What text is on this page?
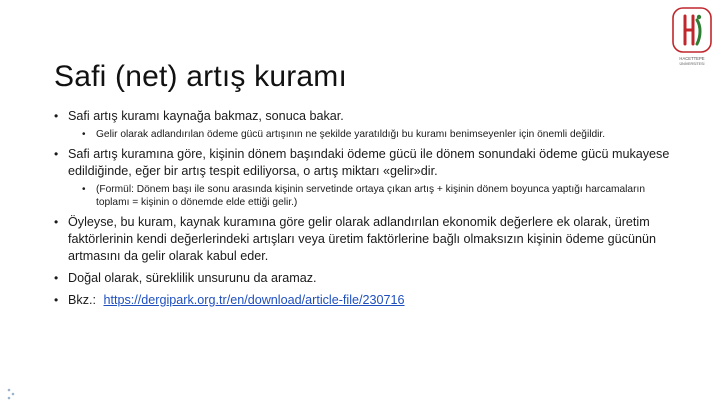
Safi (net) artış kuramı
HACETTEPE
ÜNİVERSİTESİ
• Safi artış kuramı kaynağa bakmaz, sonuca bakar.
• Gelir olarak adlandırılan ödeme gücü artışının ne şekilde yaratıldığı bu kuramı benimseyenler için önemli değildir.
• Safi artış kuramına göre, kişinin dönem başındaki ödeme gücü ile dönem sonundaki ödeme gücü mukayese edildiğinde, eğer bir artış tespit ediliyorsa, o artış miktarı «gelir»dir.
• (Formül: Dönem başı ile sonu arasında kişinin servetinde ortaya çıkan artış + kişinin dönem boyunca yaptığı harcamaların toplamı = kişinin o dönemde elde ettiği gelir.)
• Öyleyse, bu kuram, kaynak kuramına göre gelir olarak adlandırılan ekonomik değerlere ek olarak, üretim faktörlerinin kendi değerlerindeki artışları veya üretim faktörlerine bağlı olmaksızın kişinin ödeme gücünün artmasını da gelir olarak kabul eder.
• Doğal olarak, süreklilik unsurunu da aramaz.
• Bkz.: https://dergipark.org.tr/en/download/article-file/230716
